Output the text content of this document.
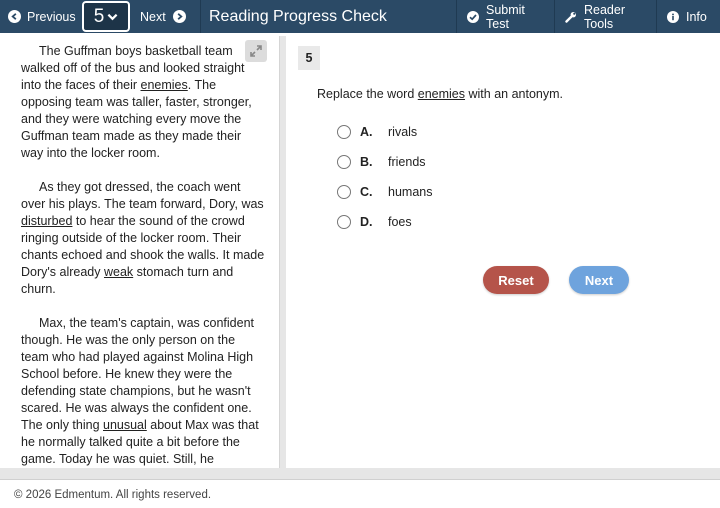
Previous 5	Next	Reading Progress Check	Submit Test
Reader Tools	Info

The Guffman boys basketball team walked off of the bus and looked straight into the faces of their enemies. The opposing team was taller, faster, stronger, and they were watching every move the Guffman team made as they made their way into the locker room.

As they got dressed, the coach went over his plays. The team forward, Dory, was disturbed to hear the sound of the crowd ringing outside of the locker room. Their chants echoed and shook the walls. It made Dory's already weak stomach turn and churn.

Max, the team's captain, was confident though. He was the only person on the team who had played against Molina High School before. He knew they were the defending state champions, but he wasn't scared. He was always the confident one. The only thing unusual about Max was that he normally talked quite a bit before the game. Today he was quiet. Still, he

5
Replace the word enemies with an antonym.
A.	rivals
B.	friends
C.	humans
D.	foes
Reset	Next
© 2026 Edmentum. All rights reserved.
